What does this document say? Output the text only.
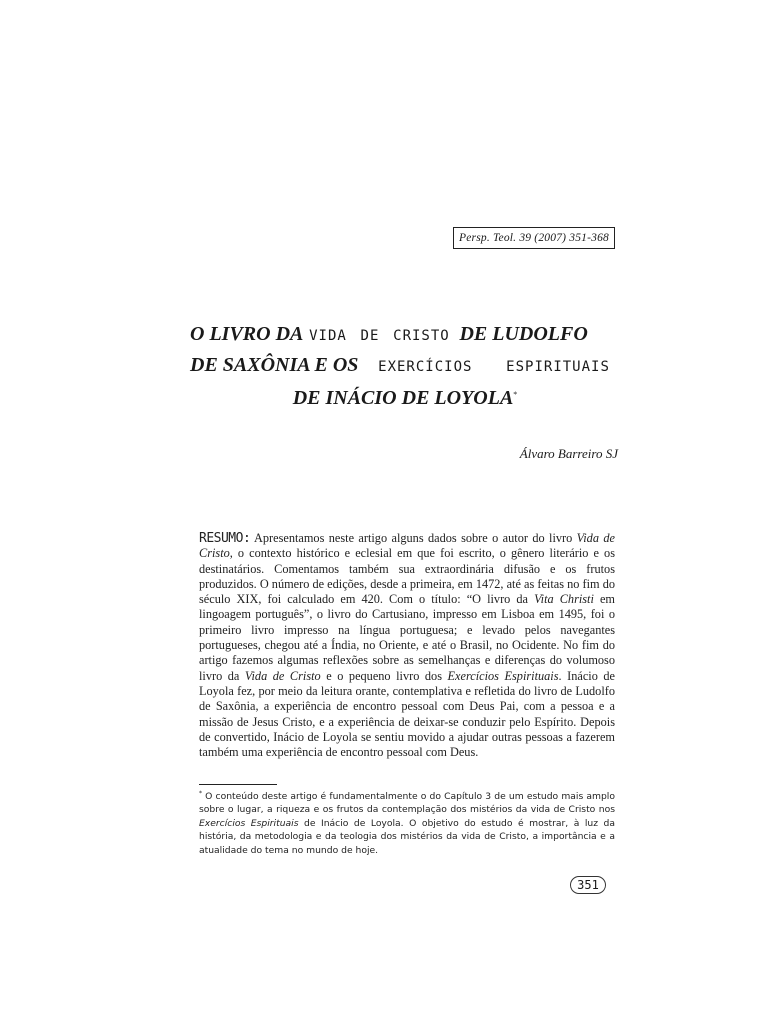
Persp. Teol. 39 (2007) 351-368
O LIVRO DA VIDA DE CRISTO DE LUDOLFO
DE SAXÔNIA E OS EXERCÍCIOS ESPIRITUAIS
DE INÁCIO DE LOYOLA*
Álvaro Barreiro SJ
RESUMO: Apresentamos neste artigo alguns dados sobre o autor do livro Vida de Cristo, o contexto histórico e eclesial em que foi escrito, o gênero literário e os destinatários. Comentamos também sua extraordinária difusão e os frutos produzidos. O número de edições, desde a primeira, em 1472, até as feitas no fim do século XIX, foi calculado em 420. Com o título: “O livro da Vita Christi em lingoagem português”, o livro do Cartusiano, impresso em Lisboa em 1495, foi o primeiro livro impresso na língua portuguesa; e levado pelos navegantes portugueses, chegou até a Índia, no Oriente, e até o Brasil, no Ocidente. No fim do artigo fazemos algumas reflexões sobre as semelhanças e diferenças do volumoso livro da Vida de Cristo e o pequeno livro dos Exercícios Espirituais. Inácio de Loyola fez, por meio da leitura orante, contemplativa e refletida do livro de Ludolfo de Saxônia, a experiência de encontro pessoal com Deus Pai, com a pessoa e a missão de Jesus Cristo, e a experiência de deixar-se conduzir pelo Espírito. Depois de convertido, Inácio de Loyola se sentiu movido a ajudar outras pessoas a fazerem também uma experiência de encontro pessoal com Deus.
* O conteúdo deste artigo é fundamentalmente o do Capítulo 3 de um estudo mais amplo sobre o lugar, a riqueza e os frutos da contemplação dos mistérios da vida de Cristo nos Exercícios Espirituais de Inácio de Loyola. O objetivo do estudo é mostrar, à luz da história, da metodologia e da teologia dos mistérios da vida de Cristo, a importância e a atualidade do tema no mundo de hoje.
351
